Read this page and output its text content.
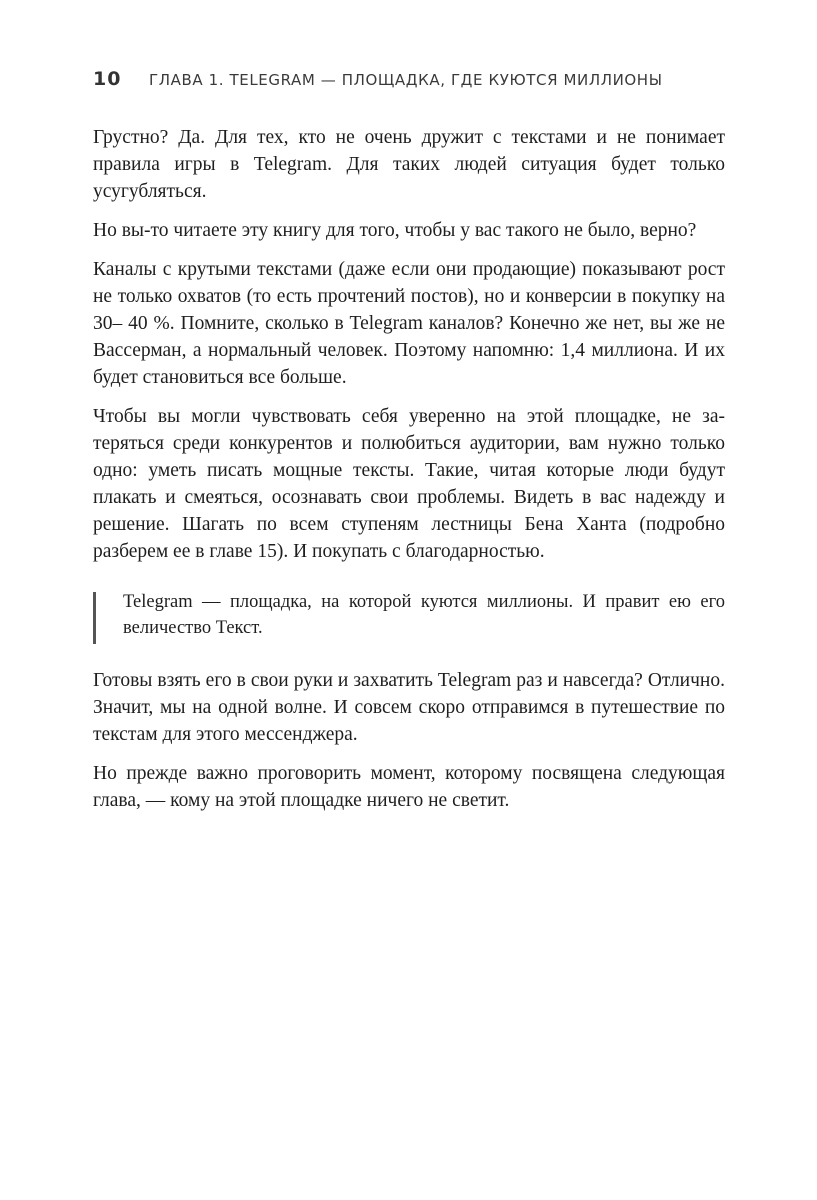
10	ГЛАВА 1. TELEGRAM — ПЛОЩАДКА, ГДЕ КУЮТСЯ МИЛЛИОНЫ

Грустно? Да. Для тех, кто не очень дружит с текстами и не понимает правила игры в Telegram. Для таких людей ситуация будет только усугубляться.

Но вы-то читаете эту книгу для того, чтобы у вас такого не было, верно?

Каналы с крутыми текстами (даже если они продающие) показывают рост не только охватов (то есть прочтений постов), но и конверсии в покупку на 30– 40 %. Помните, сколько в Telegram каналов? Конечно же нет, вы же не Вассерман, а нормальный человек. Поэтому напомню: 1,4 миллиона. И их будет становиться все больше.

Чтобы вы могли чувствовать себя уверенно на этой площадке, не затеряться среди конкурентов и полюбиться аудитории, вам нужно только одно: уметь писать мощные тексты. Такие, читая которые люди будут плакать и смеяться, осознавать свои проблемы. Видеть в вас надежду и решение. Шагать по всем ступеням лестницы Бена Ханта (подробно разберем ее в главе 15). И покупать с благодарностью.

Telegram — площадка, на которой куются миллионы. И правит ею его величество Текст.

Готовы взять его в свои руки и захватить Telegram раз и навсегда? Отлично. Значит, мы на одной волне. И совсем скоро отправимся в путешествие по текстам для этого мессенджера.

Но прежде важно проговорить момент, которому посвящена следующая глава, — кому на этой площадке ничего не светит.
